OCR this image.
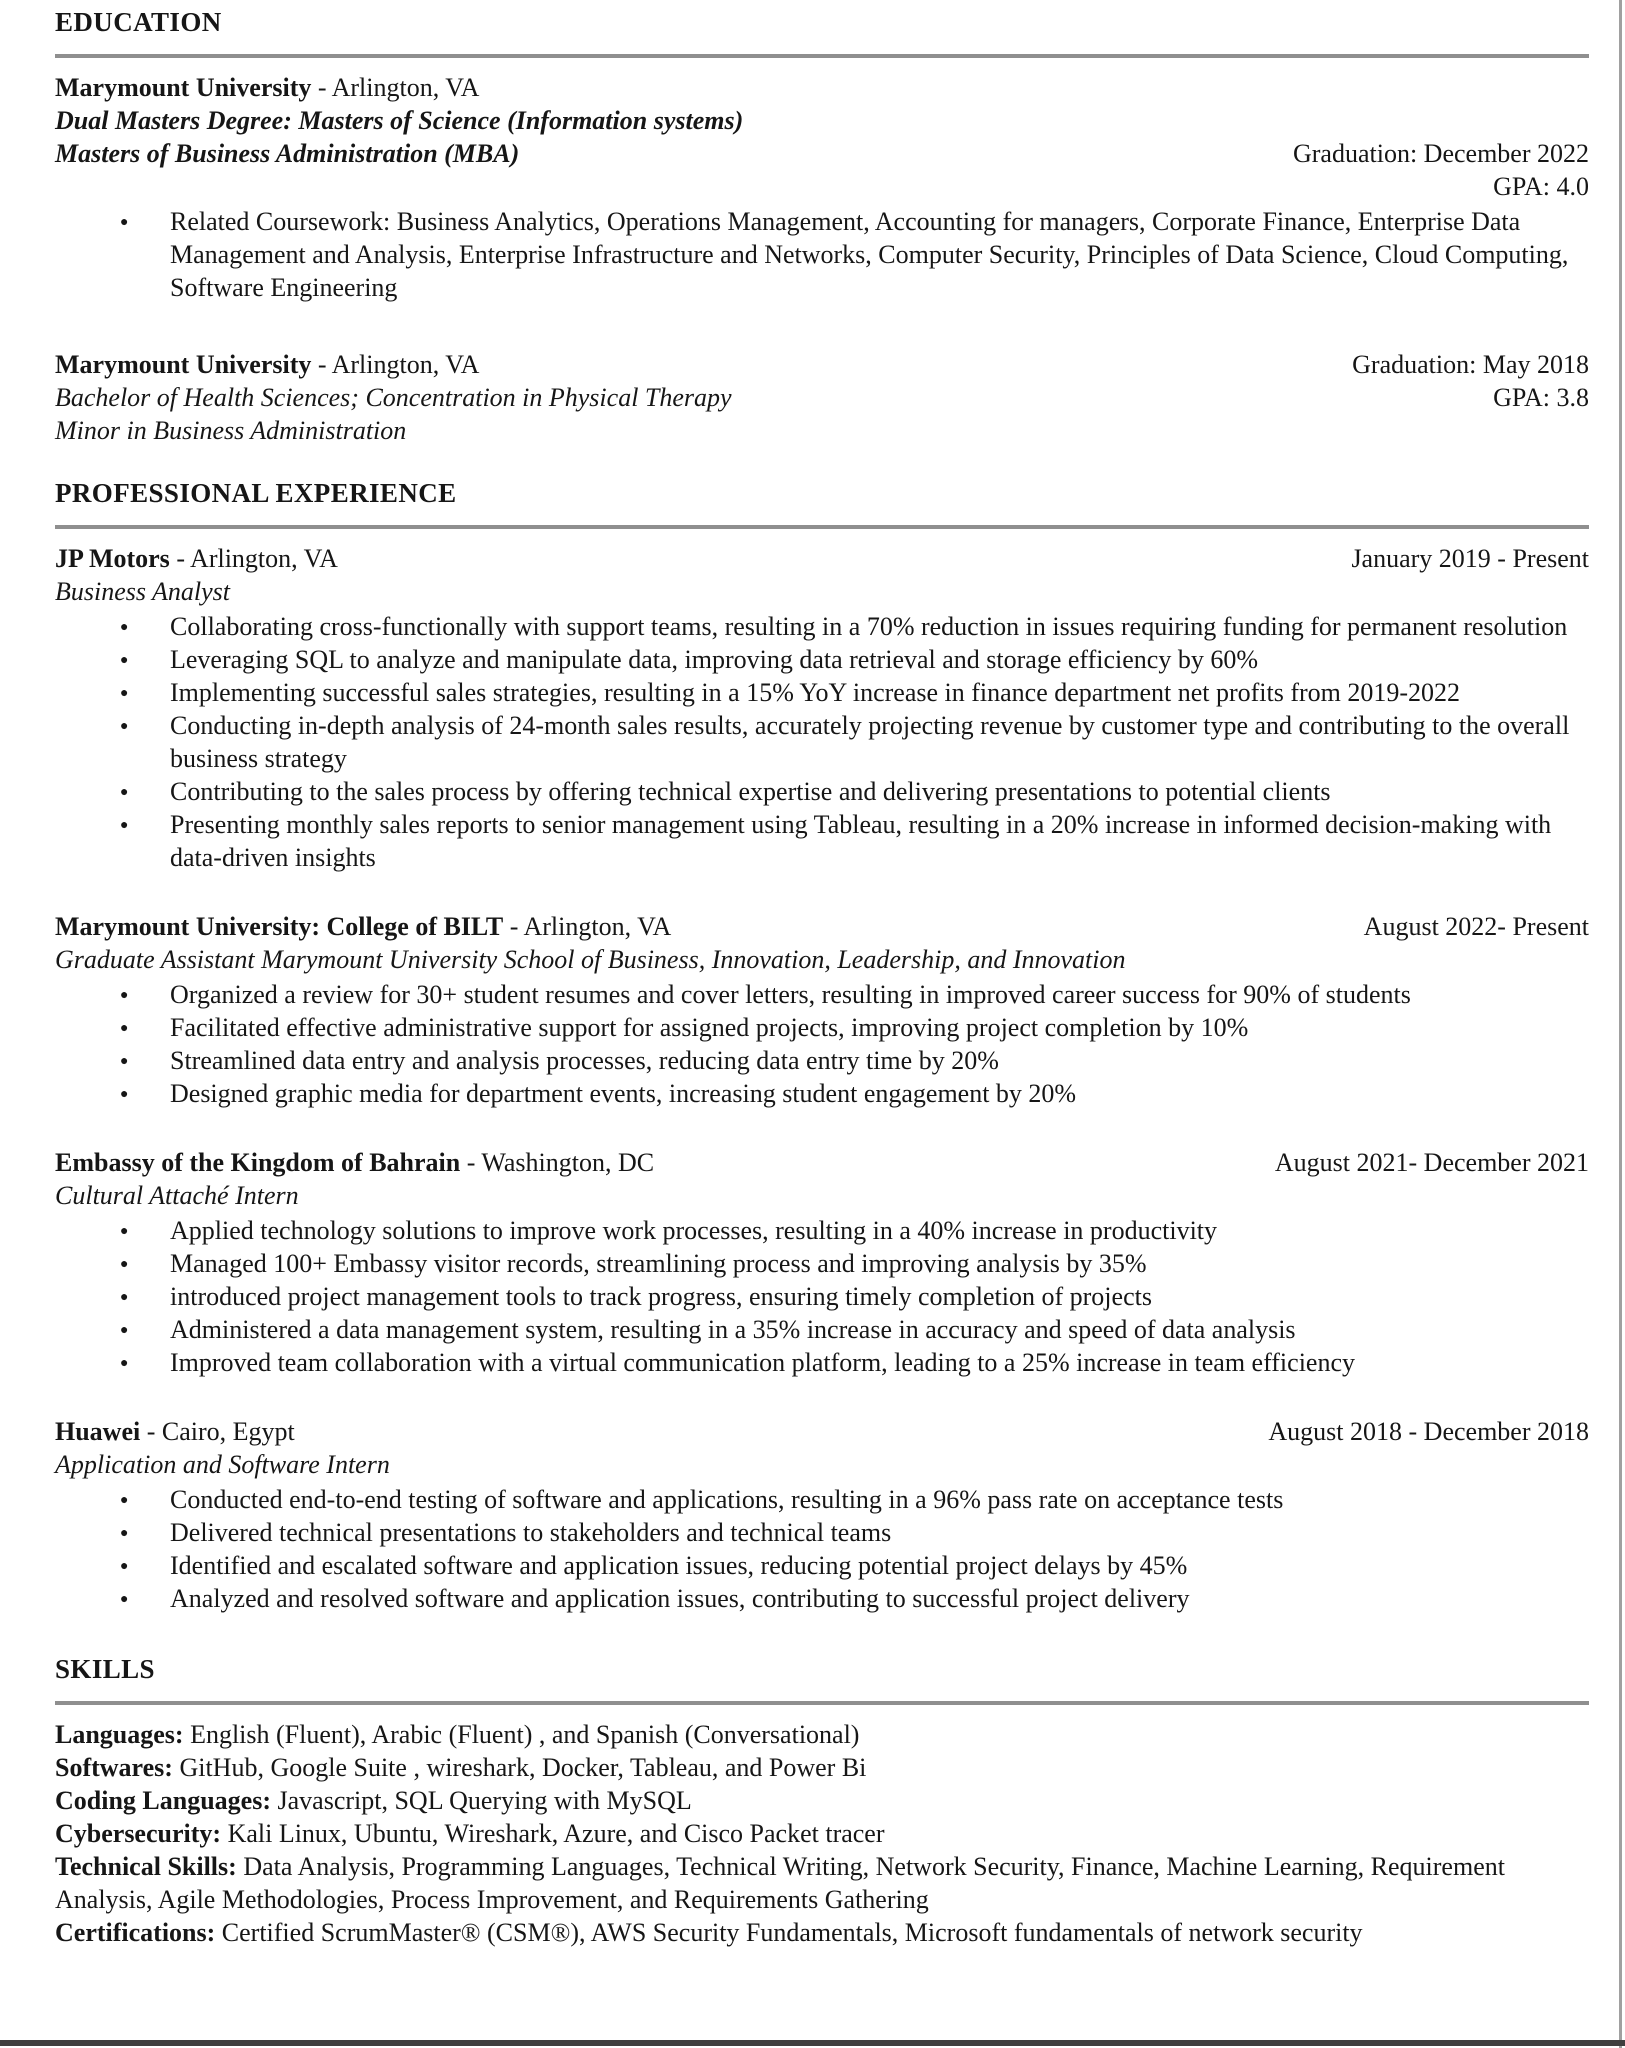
EDUCATION
Marymount University - Arlington, VA
Dual Masters Degree: Masters of Science (Information systems)
Masters of Business Administration (MBA)	Graduation: December 2022
GPA: 4.0
● Related Coursework: Business Analytics, Operations Management, Accounting for managers, Corporate Finance, Enterprise Data Management and Analysis, Enterprise Infrastructure and Networks, Computer Security, Principles of Data Science, Cloud Computing, Software Engineering
Marymount University - Arlington, VA	Graduation: May 2018
Bachelor of Health Sciences; Concentration in Physical Therapy	GPA: 3.8
Minor in Business Administration
PROFESSIONAL EXPERIENCE
JP Motors - Arlington, VA	January 2019 - Present
Business Analyst
● Collaborating cross-functionally with support teams, resulting in a 70% reduction in issues requiring funding for permanent resolution
● Leveraging SQL to analyze and manipulate data, improving data retrieval and storage efficiency by 60%
● Implementing successful sales strategies, resulting in a 15% YoY increase in finance department net profits from 2019-2022
● Conducting in-depth analysis of 24-month sales results, accurately projecting revenue by customer type and contributing to the overall business strategy
● Contributing to the sales process by offering technical expertise and delivering presentations to potential clients
● Presenting monthly sales reports to senior management using Tableau, resulting in a 20% increase in informed decision-making with data-driven insights
Marymount University: College of BILT - Arlington, VA	August 2022- Present
Graduate Assistant Marymount University School of Business, Innovation, Leadership, and Innovation
● Organized a review for 30+ student resumes and cover letters, resulting in improved career success for 90% of students
● Facilitated effective administrative support for assigned projects, improving project completion by 10%
● Streamlined data entry and analysis processes, reducing data entry time by 20%
● Designed graphic media for department events, increasing student engagement by 20%
Embassy of the Kingdom of Bahrain - Washington, DC	August 2021- December 2021
Cultural Attaché Intern
● Applied technology solutions to improve work processes, resulting in a 40% increase in productivity
● Managed 100+ Embassy visitor records, streamlining process and improving analysis by 35%
● introduced project management tools to track progress, ensuring timely completion of projects
● Administered a data management system, resulting in a 35% increase in accuracy and speed of data analysis
● Improved team collaboration with a virtual communication platform, leading to a 25% increase in team efficiency
Huawei - Cairo, Egypt	August 2018 - December 2018
Application and Software Intern
● Conducted end-to-end testing of software and applications, resulting in a 96% pass rate on acceptance tests
● Delivered technical presentations to stakeholders and technical teams
● Identified and escalated software and application issues, reducing potential project delays by 45%
● Analyzed and resolved software and application issues, contributing to successful project delivery
SKILLS
Languages: English (Fluent), Arabic (Fluent) , and Spanish (Conversational)
Softwares: GitHub, Google Suite , wireshark, Docker, Tableau, and Power Bi
Coding Languages: Javascript, SQL Querying with MySQL
Cybersecurity: Kali Linux, Ubuntu, Wireshark, Azure, and Cisco Packet tracer
Technical Skills: Data Analysis, Programming Languages, Technical Writing, Network Security, Finance, Machine Learning, Requirement Analysis, Agile Methodologies, Process Improvement, and Requirements Gathering
Certifications: Certified ScrumMaster® (CSM®), AWS Security Fundamentals, Microsoft fundamentals of network security
